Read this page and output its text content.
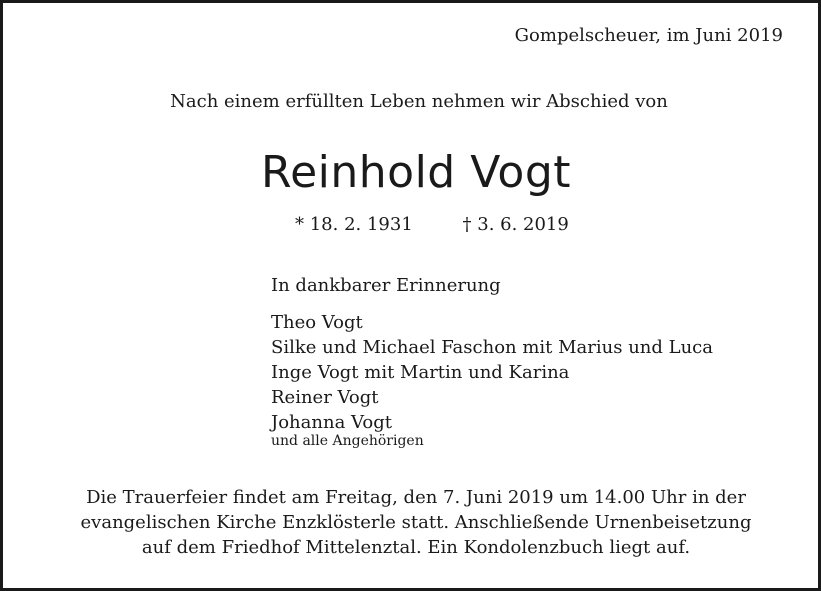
Gompelscheuer, im Juni 2019
Nach einem erfüllten Leben nehmen wir Abschied von
Reinhold Vogt
* 18. 2. 1931	† 3. 6. 2019
In dankbarer Erinnerung
Theo Vogt
Silke und Michael Faschon mit Marius und Luca
Inge Vogt mit Martin und Karina
Reiner Vogt
Johanna Vogt
und alle Angehörigen
Die Trauerfeier findet am Freitag, den 7. Juni 2019 um 14.00 Uhr in der
evangelischen Kirche Enzklösterle statt. Anschließende Urnenbeisetzung
auf dem Friedhof Mittelenztal. Ein Kondolenzbuch liegt auf.
